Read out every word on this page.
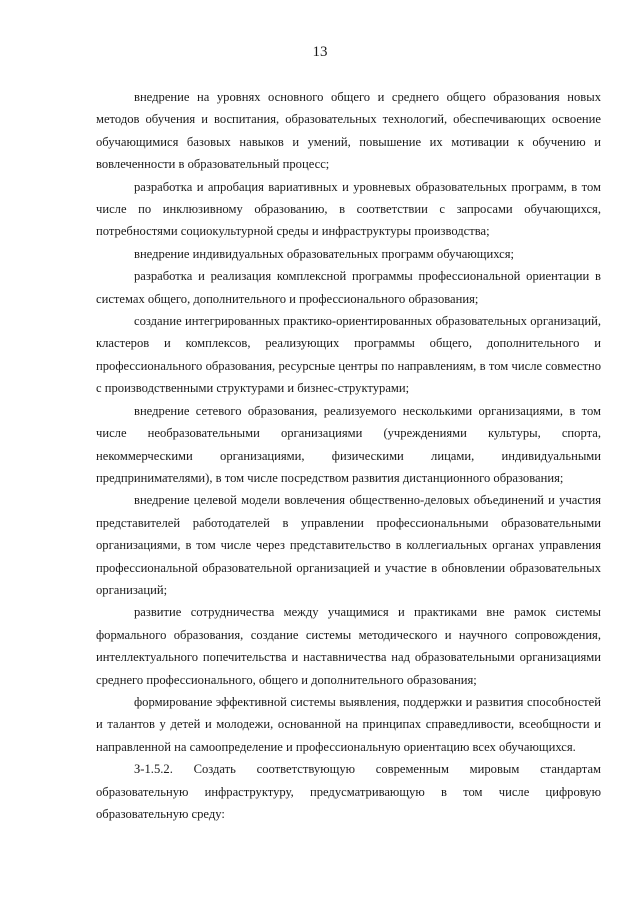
13

внедрение на уровнях основного общего и среднего общего образования новых методов обучения и воспитания, образовательных технологий, обеспечивающих освоение обучающимися базовых навыков и умений, повышение их мотивации к обучению и вовлеченности в образовательный процесс;

разработка и апробация вариативных и уровневых образовательных программ, в том числе по инклюзивному образованию, в соответствии с запросами обучающихся, потребностями социокультурной среды и инфраструктуры производства;

внедрение индивидуальных образовательных программ обучающихся;

разработка и реализация комплексной программы профессиональной ориентации в системах общего, дополнительного и профессионального образования;

создание интегрированных практико-ориентированных образовательных организаций, кластеров и комплексов, реализующих программы общего, дополнительного и профессионального образования, ресурсные центры по направлениям, в том числе совместно с производственными структурами и бизнес-структурами;

внедрение сетевого образования, реализуемого несколькими организациями, в том числе необразовательными организациями (учреждениями культуры, спорта, некоммерческими организациями, физическими лицами, индивидуальными предпринимателями), в том числе посредством развития дистанционного образования;

внедрение целевой модели вовлечения общественно-деловых объединений и участия представителей работодателей в управлении профессиональными образовательными организациями, в том числе через представительство в коллегиальных органах управления профессиональной образовательной организацией и участие в обновлении образовательных организаций;

развитие сотрудничества между учащимися и практиками вне рамок системы формального образования, создание системы методического и научного сопровождения, интеллектуального попечительства и наставничества над образовательными организациями среднего профессионального, общего и дополнительного образования;

формирование эффективной системы выявления, поддержки и развития способностей и талантов у детей и молодежи, основанной на принципах справедливости, всеобщности и направленной на самоопределение и профессиональную ориентацию всех обучающихся.

З-1.5.2. Создать соответствующую современным мировым стандартам образовательную инфраструктуру, предусматривающую в том числе цифровую образовательную среду:
